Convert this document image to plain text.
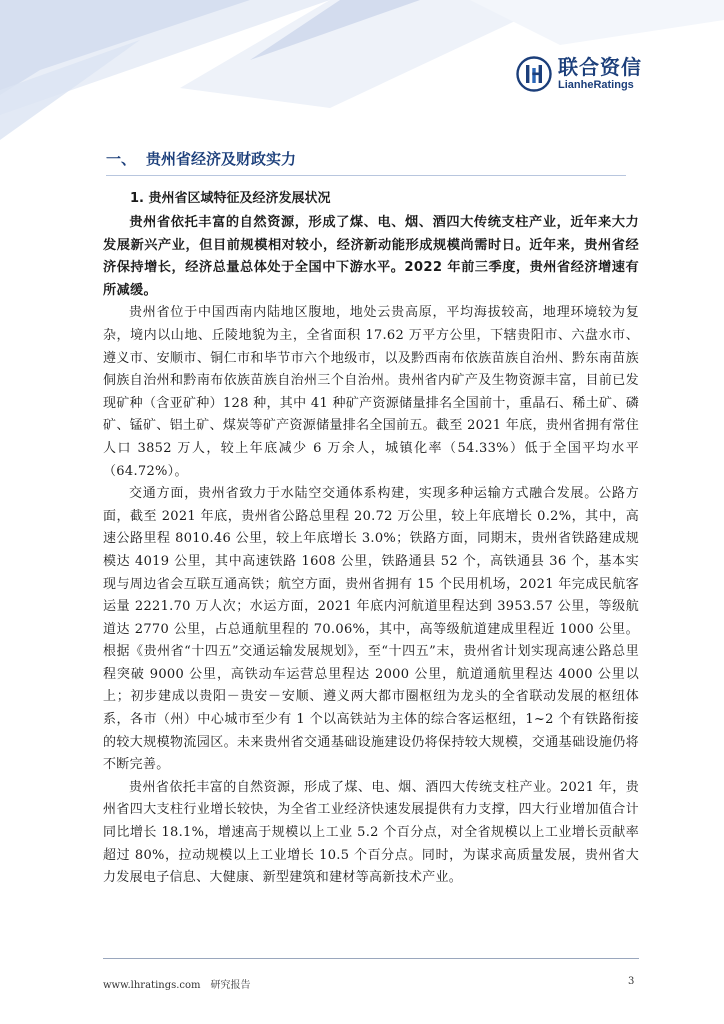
联合资信
LianheRatings
一、 贵州省经济及财政实力
1. 贵州省区域特征及经济发展状况

贵州省依托丰富的自然资源，形成了煤、电、烟、酒四大传统支柱产业，近年来大力发展新兴产业，但目前规模相对较小，经济新动能形成规模尚需时日。近年来，贵州省经济保持增长，经济总量总体处于全国中下游水平。2022 年前三季度，贵州省经济增速有所减缓。

贵州省位于中国西南内陆地区腹地，地处云贵高原，平均海拔较高，地理环境较为复杂，境内以山地、丘陵地貌为主，全省面积 17.62 万平方公里，下辖贵阳市、六盘水市、遵义市、安顺市、铜仁市和毕节市六个地级市，以及黔西南布依族苗族自治州、黔东南苗族侗族自治州和黔南布依族苗族自治州三个自治州。贵州省内矿产及生物资源丰富，目前已发现矿种（含亚矿种）128 种，其中 41 种矿产资源储量排名全国前十，重晶石、稀土矿、磷矿、锰矿、铝土矿、煤炭等矿产资源储量排名全国前五。截至 2021 年底，贵州省拥有常住人口 3852 万人，较上年底减少 6 万余人，城镇化率（54.33%）低于全国平均水平（64.72%）。

交通方面，贵州省致力于水陆空交通体系构建，实现多种运输方式融合发展。公路方面，截至 2021 年底，贵州省公路总里程 20.72 万公里，较上年底增长 0.2%，其中，高速公路里程 8010.46 公里，较上年底增长 3.0%；铁路方面，同期末，贵州省铁路建成规模达 4019 公里，其中高速铁路 1608 公里，铁路通县 52 个，高铁通县 36 个，基本实现与周边省会互联互通高铁；航空方面，贵州省拥有 15 个民用机场，2021 年完成民航客运量 2221.70 万人次；水运方面，2021 年底内河航道里程达到 3953.57 公里，等级航道达 2770 公里，占总通航里程的 70.06%，其中，高等级航道建成里程近 1000 公里。根据《贵州省“十四五”交通运输发展规划》，至“十四五”末，贵州省计划实现高速公路总里程突破 9000 公里，高铁动车运营总里程达 2000 公里，航道通航里程达 4000 公里以上；初步建成以贵阳－贵安－安顺、遵义两大都市圈枢纽为龙头的全省联动发展的枢纽体系，各市（州）中心城市至少有 1 个以高铁站为主体的综合客运枢纽，1~2 个有铁路衔接的较大规模物流园区。未来贵州省交通基础设施建设仍将保持较大规模，交通基础设施仍将不断完善。

贵州省依托丰富的自然资源，形成了煤、电、烟、酒四大传统支柱产业。2021 年，贵州省四大支柱行业增长较快，为全省工业经济快速发展提供有力支撑，四大行业增加值合计同比增长 18.1%，增速高于规模以上工业 5.2 个百分点，对全省规模以上工业增长贡献率超过 80%，拉动规模以上工业增长 10.5 个百分点。同时，为谋求高质量发展，贵州省大力发展电子信息、大健康、新型建筑和建材等高新技术产业。

www.lhratings.com 研究报告	3
